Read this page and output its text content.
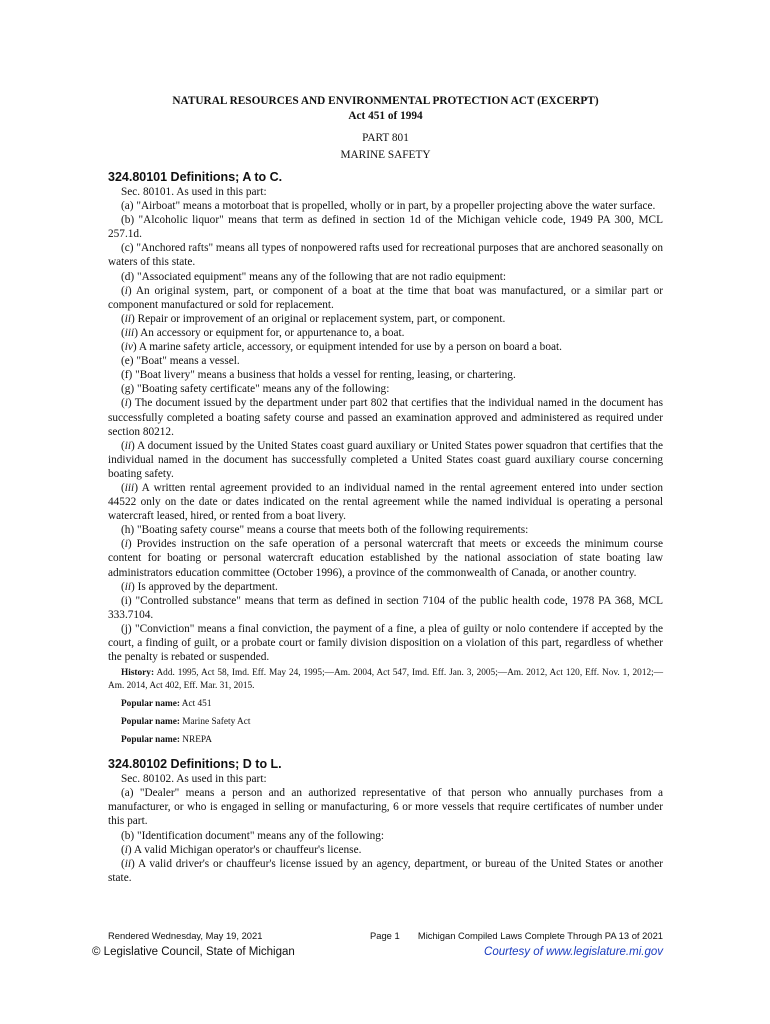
NATURAL RESOURCES AND ENVIRONMENTAL PROTECTION ACT (EXCERPT)
Act 451 of 1994
PART 801
MARINE SAFETY
324.80101 Definitions; A to C.

Sec. 80101. As used in this part:

(a) "Airboat" means a motorboat that is propelled, wholly or in part, by a propeller projecting above the water surface.

(b) "Alcoholic liquor" means that term as defined in section 1d of the Michigan vehicle code, 1949 PA 300, MCL 257.1d.

(c) "Anchored rafts" means all types of nonpowered rafts used for recreational purposes that are anchored seasonally on waters of this state.

(d) "Associated equipment" means any of the following that are not radio equipment:

(i) An original system, part, or component of a boat at the time that boat was manufactured, or a similar part or component manufactured or sold for replacement.

(ii) Repair or improvement of an original or replacement system, part, or component.

(iii) An accessory or equipment for, or appurtenance to, a boat.

(iv) A marine safety article, accessory, or equipment intended for use by a person on board a boat.

(e) "Boat" means a vessel.

(f) "Boat livery" means a business that holds a vessel for renting, leasing, or chartering.

(g) "Boating safety certificate" means any of the following:

(i) The document issued by the department under part 802 that certifies that the individual named in the document has successfully completed a boating safety course and passed an examination approved and administered as required under section 80212.

(ii) A document issued by the United States coast guard auxiliary or United States power squadron that certifies that the individual named in the document has successfully completed a United States coast guard auxiliary course concerning boating safety.

(iii) A written rental agreement provided to an individual named in the rental agreement entered into under section 44522 only on the date or dates indicated on the rental agreement while the named individual is operating a personal watercraft leased, hired, or rented from a boat livery.

(h) "Boating safety course" means a course that meets both of the following requirements:

(i) Provides instruction on the safe operation of a personal watercraft that meets or exceeds the minimum course content for boating or personal watercraft education established by the national association of state boating law administrators education committee (October 1996), a province of the commonwealth of Canada, or another country.

(ii) Is approved by the department.

(i) "Controlled substance" means that term as defined in section 7104 of the public health code, 1978 PA 368, MCL 333.7104.

(j) "Conviction" means a final conviction, the payment of a fine, a plea of guilty or nolo contendere if accepted by the court, a finding of guilt, or a probate court or family division disposition on a violation of this part, regardless of whether the penalty is rebated or suspended.

History: Add. 1995, Act 58, Imd. Eff. May 24, 1995;—Am. 2004, Act 547, Imd. Eff. Jan. 3, 2005;—Am. 2012, Act 120, Eff. Nov. 1, 2012;—Am. 2014, Act 402, Eff. Mar. 31, 2015.
Popular name: Act 451
Popular name: Marine Safety Act
Popular name: NREPA
324.80102 Definitions; D to L.

Sec. 80102. As used in this part:

(a) "Dealer" means a person and an authorized representative of that person who annually purchases from a manufacturer, or who is engaged in selling or manufacturing, 6 or more vessels that require certificates of number under this part.

(b) "Identification document" means any of the following:

(i) A valid Michigan operator's or chauffeur's license.

(ii) A valid driver's or chauffeur's license issued by an agency, department, or bureau of the United States or another state.

Rendered Wednesday, May 19, 2021	Page 1 Michigan Compiled Laws Complete Through PA 13 of 2021
© Legislative Council, State of Michigan	Courtesy of www.legislature.mi.gov
